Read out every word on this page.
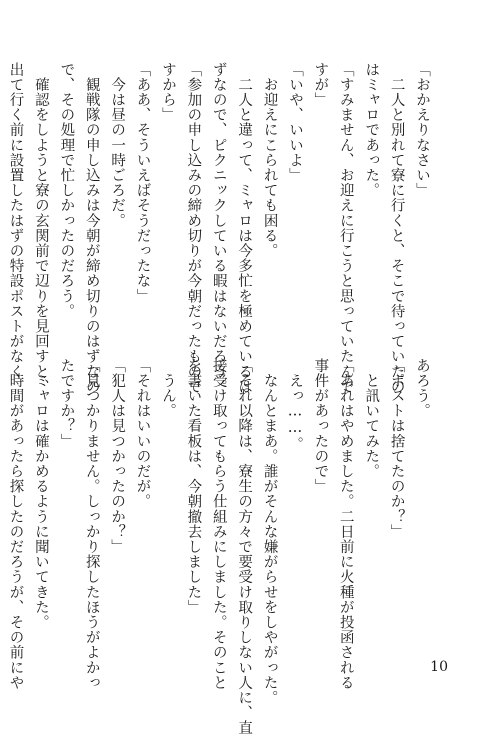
「おかえりなさい」
　二人と別れて寮に行くと、そこで待っていたの
はミャロであった。
「すみません、お迎えに行こうと思っていたんで
すが」
「いや、いいよ」
　お迎えにこられても困る。
　二人と違って、ミャロは今多忙を極めているは
ずなので、ピクニックしている暇はないだろう。
「参加の申し込みの締め切りが今朝だったもので
すから」
「ああ、そういえばそうだったな」
　今は昼の一時ごろだ。
　観戦隊の申し込みは今朝が締め切りのはずなの
で、その処理で忙しかったのだろう。
　確認をしようと寮の玄関前で辺りを見回すと、
出て行く前に設置したはずの特設ポストがなく
あろう。
「ポストは捨てたのか？」
　と訊いてみた。
「あれはやめました。二日前に火種が投函される
事件があったので」
　えっ……。
　なんとまあ。誰がそんな嫌がらせをしやがった。
「それ以降は、寮生の方々で要受け取りしない人に、直
接受け取ってもらう仕組みにしました。そのこと
を書いた看板は、今朝撤去しました」
　うん。
「それはいいのだが。
「犯人は見つかったのか？」
「見つかりません。しっかり探したほうがよかっ
たですか？」
　ミャロは確かめるように聞いてきた。
　時間があったら探したのだろうが、その前にや	10
